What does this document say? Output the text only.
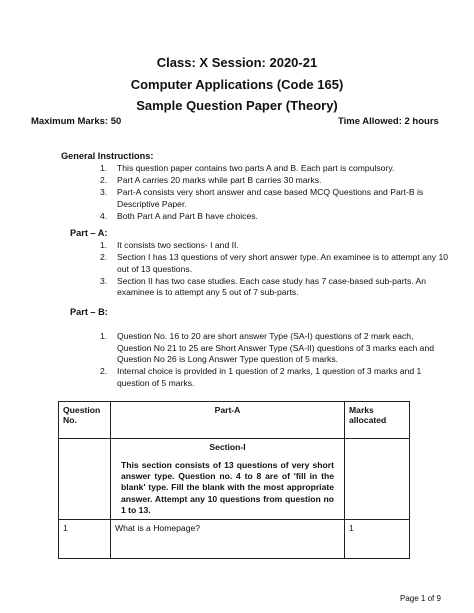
Class: X Session: 2020-21
Computer Applications (Code 165)
Sample Question Paper (Theory)
Maximum Marks: 50	Time Allowed: 2 hours
General Instructions:
1. This question paper contains two parts A and B. Each part is compulsory.
2. Part A carries 20 marks while part B carries 30 marks.
3. Part-A consists very short answer and case based MCQ Questions and Part-B is Descriptive Paper.
4. Both Part A and Part B have choices.
Part – A:
1. It consists two sections- I and II.
2. Section I has 13 questions of very short answer type. An examinee is to attempt any 10 out of 13 questions.
3. Section II has two case studies. Each case study has 7 case-based sub-parts. An examinee is to attempt any 5 out of 7 sub-parts.
Part – B:
1. Question No. 16 to 20 are short answer Type (SA-I) questions of 2 mark each, Question No 21 to 25 are Short Answer Type (SA-II) questions of 3 marks each and Question No 26 is Long Answer Type question of 5 marks.
2. Internal choice is provided in 1 question of 2 marks, 1 question of 3 marks and 1 question of 5 marks.
Question No.	Part-A	Marks allocated

	Section-I
This section consists of 13 questions of very short answer type. Question no. 4 to 8 are of 'fill in the blank' type. Fill the blank with the most appropriate answer. Attempt any 10 questions from question no 1 to 13.	

1	What is a Homepage?	1
Page 1 of 9
